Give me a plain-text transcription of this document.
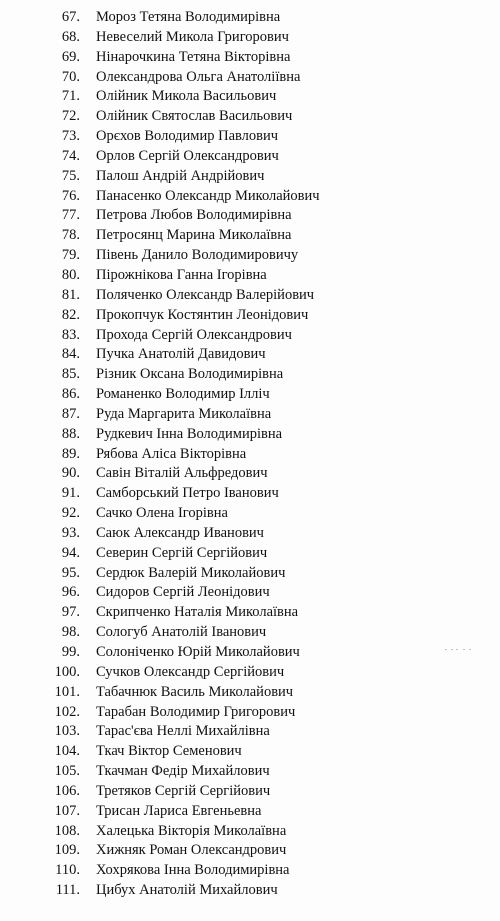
67.	Мороз Тетяна Володимирівна
68.	Невеселий Микола Григорович
69.	Нінарочкина Тетяна Вікторівна
70.	Олександрова Ольга Анатоліївна
71.	Олійник Микола Васильович
72.	Олійник Святослав Васильович
73.	Орєхов Володимир Павлович
74.	Орлов Сергій Олександрович
75.	Палош Андрій Андрійович
76.	Панасенко Олександр Миколайович
77.	Петрова Любов Володимирівна
78.	Петросянц Марина Миколаївна
79.	Півень Данило Володимировичу
80.	Пірожнікова Ганна Ігорівна
81.	Поляченко Олександр Валерійович
82.	Прокопчук Костянтин Леонідович
83.	Прохода Сергій Олександрович
84.	Пучка Анатолій Давидович
85.	Різник Оксана Володимирівна
86.	Романенко Володимир Ілліч
87.	Руда Маргарита Миколаївна
88.	Рудкевич Інна Володимирівна
89.	Рябова Аліса Вікторівна
90.	Савін Віталій Альфредович
91.	Самборський Петро Іванович
92.	Сачко Олена Ігорівна
93.	Саюк Александр Иванович
94.	Северин Сергій Сергійович
95.	Сердюк Валерій Миколайович
96.	Сидоров Сергій Леонідович
97.	Скрипченко Наталія Миколаївна
98.	Сологуб Анатолій Іванович
99.	Солоніченко Юрій Миколайович
100.	Сучков Олександр Сергійович
101.	Табачнюк Василь Миколайович
102.	Тарабан Володимир Григорович
103.	Тарас'єва Неллі Михайлівна
104.	Ткач Віктор Семенович
105.	Ткачман Федір Михайлович
106.	Третяков Сергій Сергійович
107.	Трисан Лариса Евгеньевна
108.	Халецька Вікторія Миколаївна
109.	Хижняк Роман Олександрович
110.	Хохрякова Інна Володимирівна
111.	Цибух Анатолій Михайлович
